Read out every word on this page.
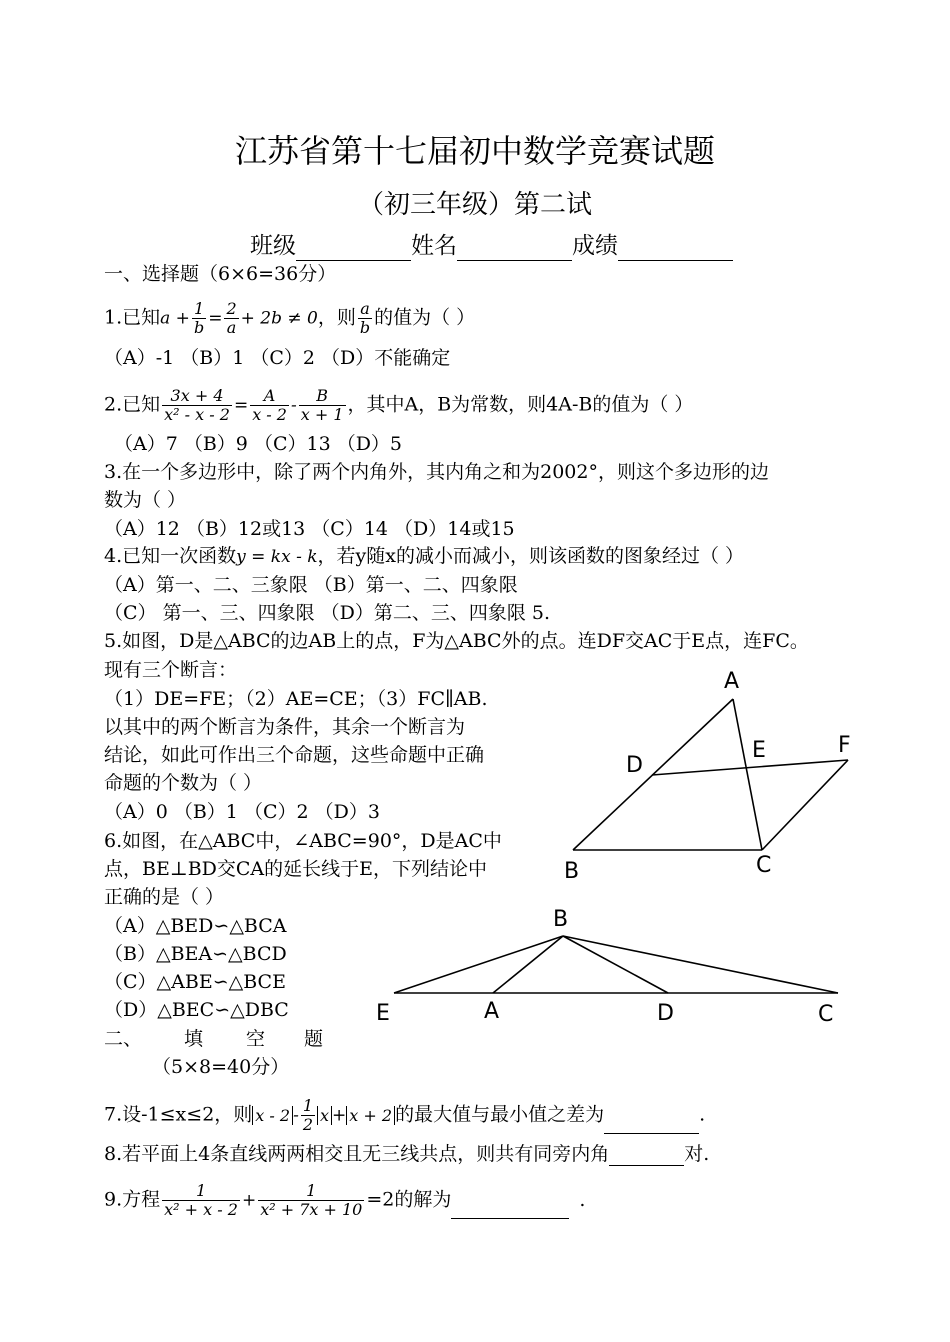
江苏省第十七届初中数学竞赛试题
（初三年级）第二试
班级	姓名	成绩
一、选择题（6×6=36分）
1.已知$a + \frac{1}{b} = \frac{2}{a} + 2b \ne 0$，则 $\frac{a}{b}$ 的值为（ ）
（A）-1 （B）1 （C）2 （D）不能确定
2.已知 $\frac{3x + 4}{\text{x² - x - 2}} = \frac{A}{x - 2} - \frac{B}{x + 1}$ ，其中A，B为常数，则4A-B的值为（ ）
（A）7 （B）9 （C）13 （D）5
3.在一个多边形中，除了两个内角外，其内角之和为2002°，则这个多边形的边
数为（ ）
（A）12 （B）12或13 （C）14 （D）14或15
4.已知一次函数y = kx - k，若y随x的减小而减小，则该函数的图象经过（ ）
（A）第一、二、三象限 （B）第一、二、四象限
（C） 第一、三、四象限 （D）第二、三、四象限 5.
5.如图，D是△ABC的边AB上的点，F为△ABC外的点。连DF交AC于E点，连FC。
现有三个断言：
（1）DE=FE；（2）AE=CE；（3）FC∥AB.
以其中的两个断言为条件，其余一个断言为
结论，如此可作出三个命题，这些命题中正确
命题的个数为（ ）
（A）0 （B）1 （C）2 （D）3
A
E	F
D
B	C
6.如图，在△ABC中，∠ABC=90°，D是AC中
点，BE⊥BD交CA的延长线于E，下列结论中
正确的是（ ）
（A）△BED∽△BCA
（B）△BEA∽△BCD
（C）△ABE∽△BCE
（D）△BEC∽△DBC
B
E	A	D	C
二、 填 空 题
（5×8=40分）
7.设-1≤x≤2，则 x - $2 - \frac{1}{2}$ x + x + 2 的最大值与最小值之差为	.
8.若平面上4条直线两两相交且无三线共点，则共有同旁内角	对.
9.方程 $\frac{1}{\text{x² + x - 2}} + \frac{1}{\text{x² + 7x + 10}} =2$的解为	.
